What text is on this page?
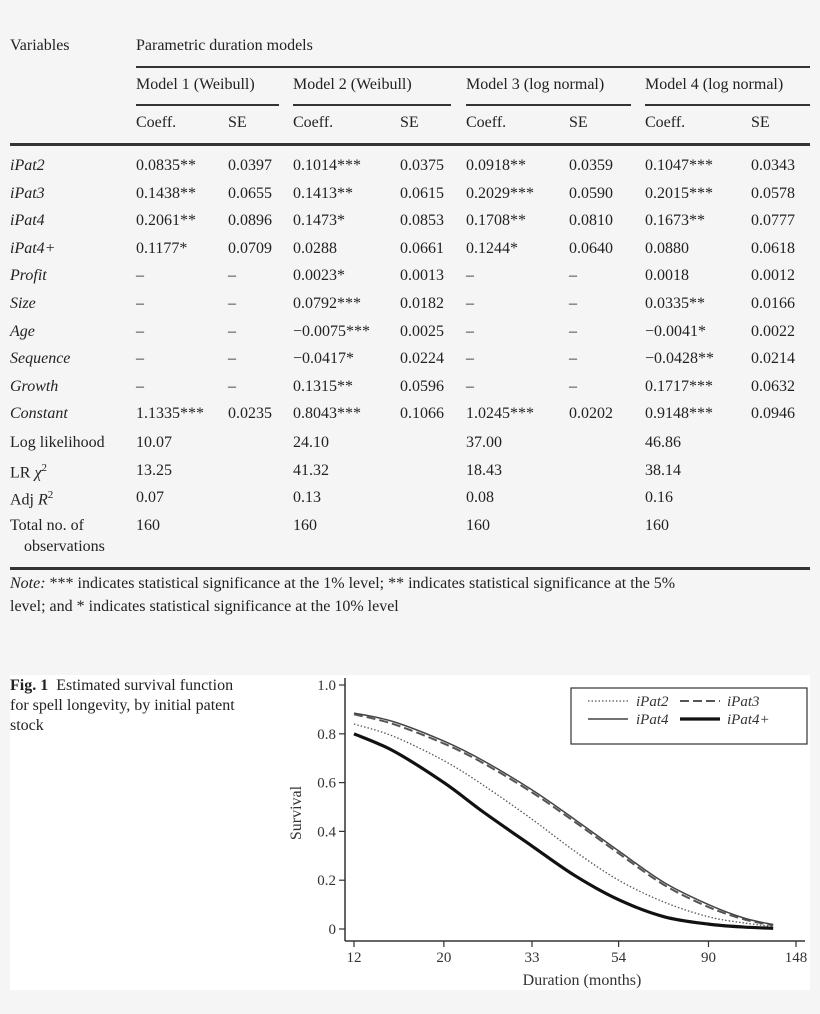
Variables	Parametric duration models
Model 1 (Weibull) Model 2 (Weibull)	Model 3 (log normal)	Model 4 (log normal)
Coeff.	SE	Coeff.	SE	Coeff.	SE	Coeff.	SE
iPat2	0.0835** 0.0397 0.1014*** 0.0375 0.0918**	0.0359 0.1047*** 0.0343
iPat3	0.1438** 0.0655 0.1413**	0.0615 0.2029*** 0.0590 0.2015*** 0.0578
iPat4	0.2061** 0.0896 0.1473*	0.0853 0.1708**	0.0810 0.1673**	0.0777
iPat4+	0.1177*	0.0709 0.0288	0.0661 0.1244*	0.0640 0.0880	0.0618
Profit	–	–	0.0023*	0.0013 –	–	0.0018	0.0012
Size	–	–	0.0792*** 0.0182 –	–	0.0335**	0.0166
Age	–	–	−0.0075*** 0.0025 –	–	−0.0041*	0.0022
Sequence	–	–	−0.0417*	0.0224 –	–	−0.0428** 0.0214
Growth	–	–	0.1315**	0.0596 –	–	0.1717*** 0.0632
Constant	1.1335*** 0.0235 0.8043*** 0.1066 1.0245*** 0.0202 0.9148*** 0.0946
Log likelihood 10.07	24.10	37.00	46.86
LR $\chi^2$	13.25	41.32	18.43	38.14
Adj $R^2$	0.07	0.13	0.08	0.16
Total no. of
observations
160	160	160	160
Note: *** indicates statistical significance at the 1% level; ** indicates statistical significance at the 5%
level; and * indicates statistical significance at the 10% level
Fig. 1 Estimated survival function for spell longevity, by initial patent stock
0
0.2
0.4
0.6
0.8
1.0
12	20	33	54	90	148
Duration (months)
Survival
iPat2	iPat3
iPat4	iPat4+
